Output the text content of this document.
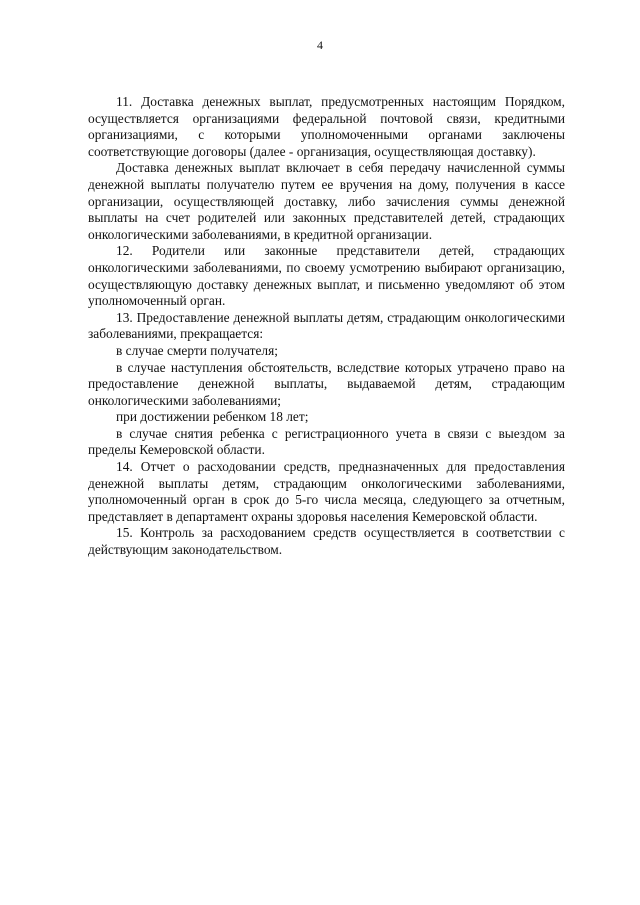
4

11. Доставка денежных выплат, предусмотренных настоящим Порядком, осуществляется организациями федеральной почтовой связи, кредитными организациями, с которыми уполномоченными органами заключены соответствующие договоры (далее - организация, осуществляющая доставку).

Доставка денежных выплат включает в себя передачу начисленной суммы денежной выплаты получателю путем ее вручения на дому, получения в кассе организации, осуществляющей доставку, либо зачисления суммы денежной выплаты на счет родителей или законных представителей детей, страдающих онкологическими заболеваниями, в кредитной организации.

12. Родители или законные представители детей, страдающих онкологическими заболеваниями, по своему усмотрению выбирают организацию, осуществляющую доставку денежных выплат, и письменно уведомляют об этом уполномоченный орган.

13. Предоставление денежной выплаты детям, страдающим онкологическими заболеваниями, прекращается:

в случае смерти получателя;

в случае наступления обстоятельств, вследствие которых утрачено право на предоставление денежной выплаты, выдаваемой детям, страдающим онкологическими заболеваниями;

при достижении ребенком 18 лет;

в случае снятия ребенка с регистрационного учета в связи с выездом за пределы Кемеровской области.

14. Отчет о расходовании средств, предназначенных для предоставления денежной выплаты детям, страдающим онкологическими заболеваниями, уполномоченный орган в срок до 5-го числа месяца, следующего за отчетным, представляет в департамент охраны здоровья населения Кемеровской области.

15. Контроль за расходованием средств осуществляется в соответствии с действующим законодательством.
